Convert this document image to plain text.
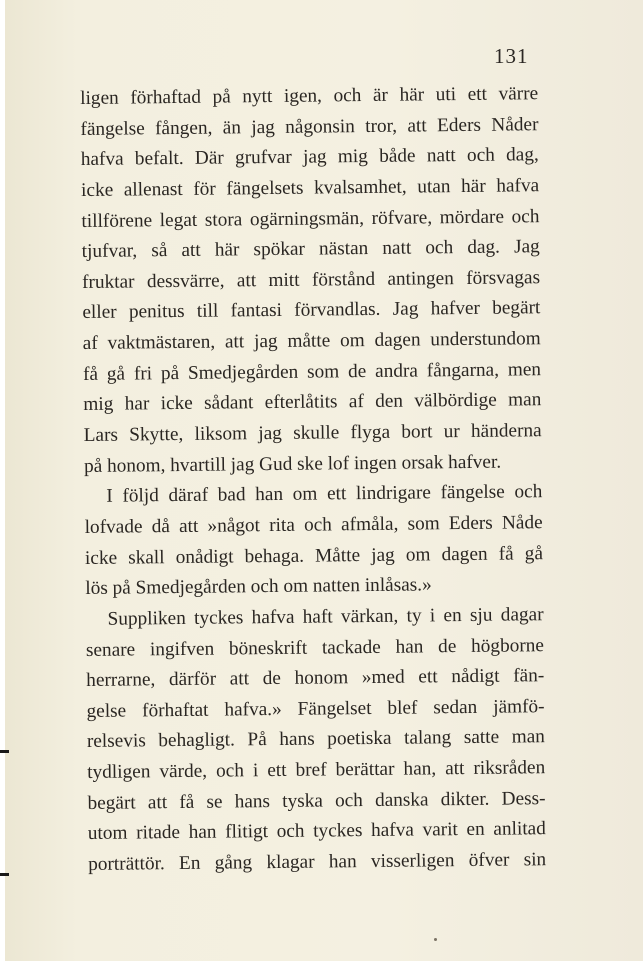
131
ligen förhaftad på nytt igen, och är här uti ett värre
fängelse fången, än jag någonsin tror, att Eders Nåder
hafva befalt. Där grufvar jag mig både natt och dag,
icke allenast för fängelsets kvalsamhet, utan här hafva
tillförene legat stora ogärningsmän, röfvare, mördare och
tjufvar, så att här spökar nästan natt och dag. Jag
fruktar dessvärre, att mitt förstånd antingen försvagas
eller penitus till fantasi förvandlas. Jag hafver begärt
af vaktmästaren, att jag måtte om dagen understundom
få gå fri på Smedjegården som de andra fångarna, men
mig har icke sådant efterlåtits af den välbördige man
Lars Skytte, liksom jag skulle flyga bort ur händerna
på honom, hvartill jag Gud ske lof ingen orsak hafver.
I följd däraf bad han om ett lindrigare fängelse och
lofvade då att »något rita och afmåla, som Eders Nåde
icke skall onådigt behaga. Måtte jag om dagen få gå
lös på Smedjegården och om natten inlåsas.»
Suppliken tyckes hafva haft värkan, ty i en sju dagar
senare ingifven böneskrift tackade han de högborne
herrarne, därför att de honom »med ett nådigt fän-
gelse förhaftat hafva.» Fängelset blef sedan jämfö-
relsevis behagligt. På hans poetiska talang satte man
tydligen värde, och i ett bref berättar han, att riksråden
begärt att få se hans tyska och danska dikter. Dess-
utom ritade han flitigt och tyckes hafva varit en anlitad
porträttör. En gång klagar han visserligen öfver sin
